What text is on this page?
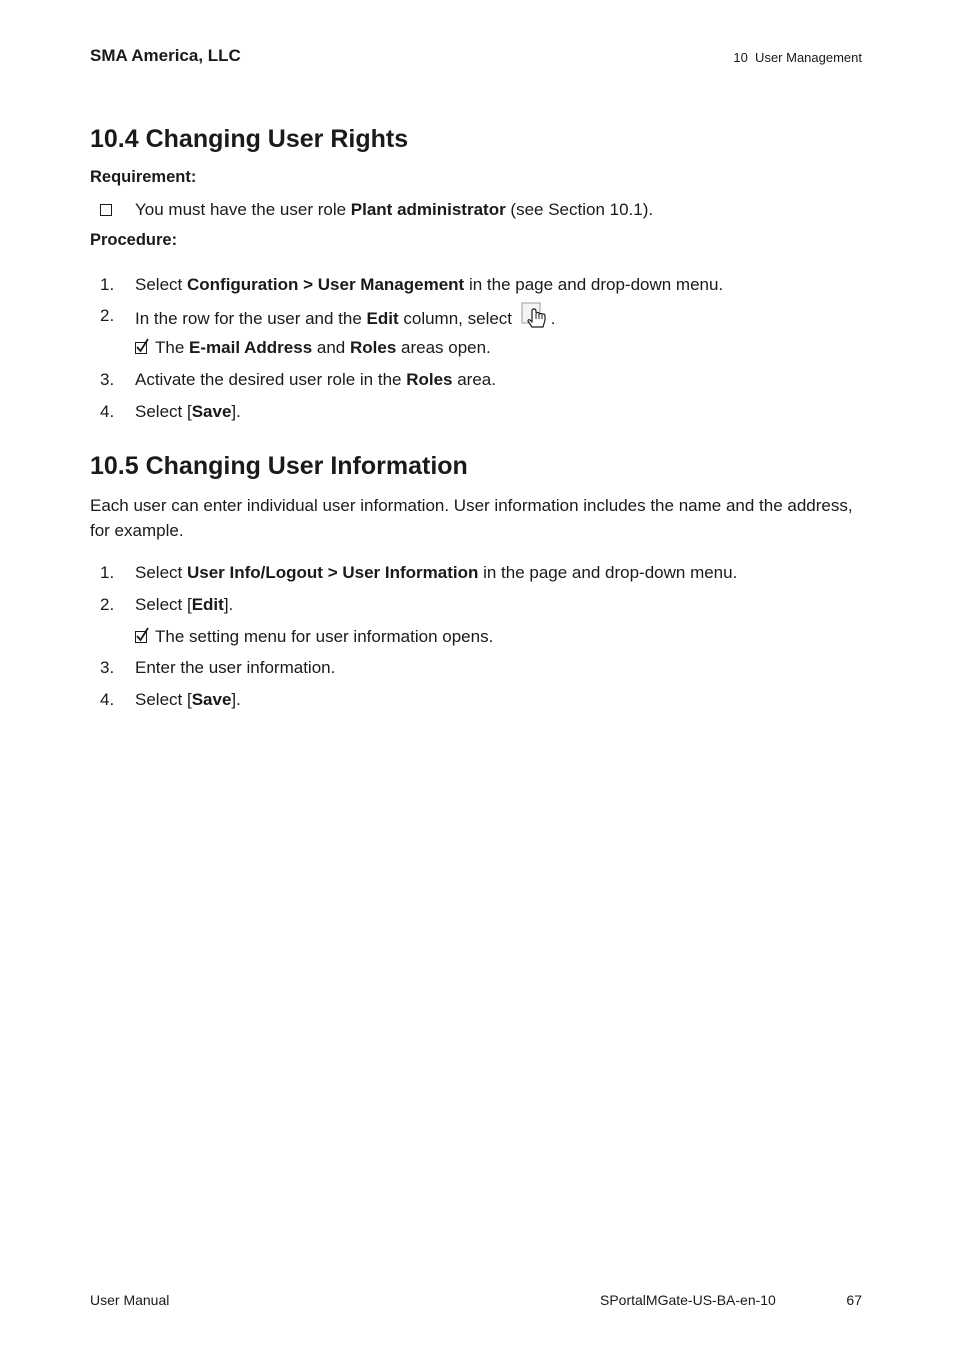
SMA America, LLC	10  User Management
10.4 Changing User Rights
Requirement:
You must have the user role Plant administrator (see Section 10.1).
Procedure:
1. Select Configuration > User Management in the page and drop-down menu.
2. In the row for the user and the Edit column, select .
The E-mail Address and Roles areas open.
3. Activate the desired user role in the Roles area.
4. Select [Save].
10.5 Changing User Information
Each user can enter individual user information. User information includes the name and the address, for example.
1. Select User Info/Logout > User Information in the page and drop-down menu.
2. Select [Edit].
The setting menu for user information opens.
3. Enter the user information.
4. Select [Save].
User Manual	SPortalMGate-US-BA-en-10	67
